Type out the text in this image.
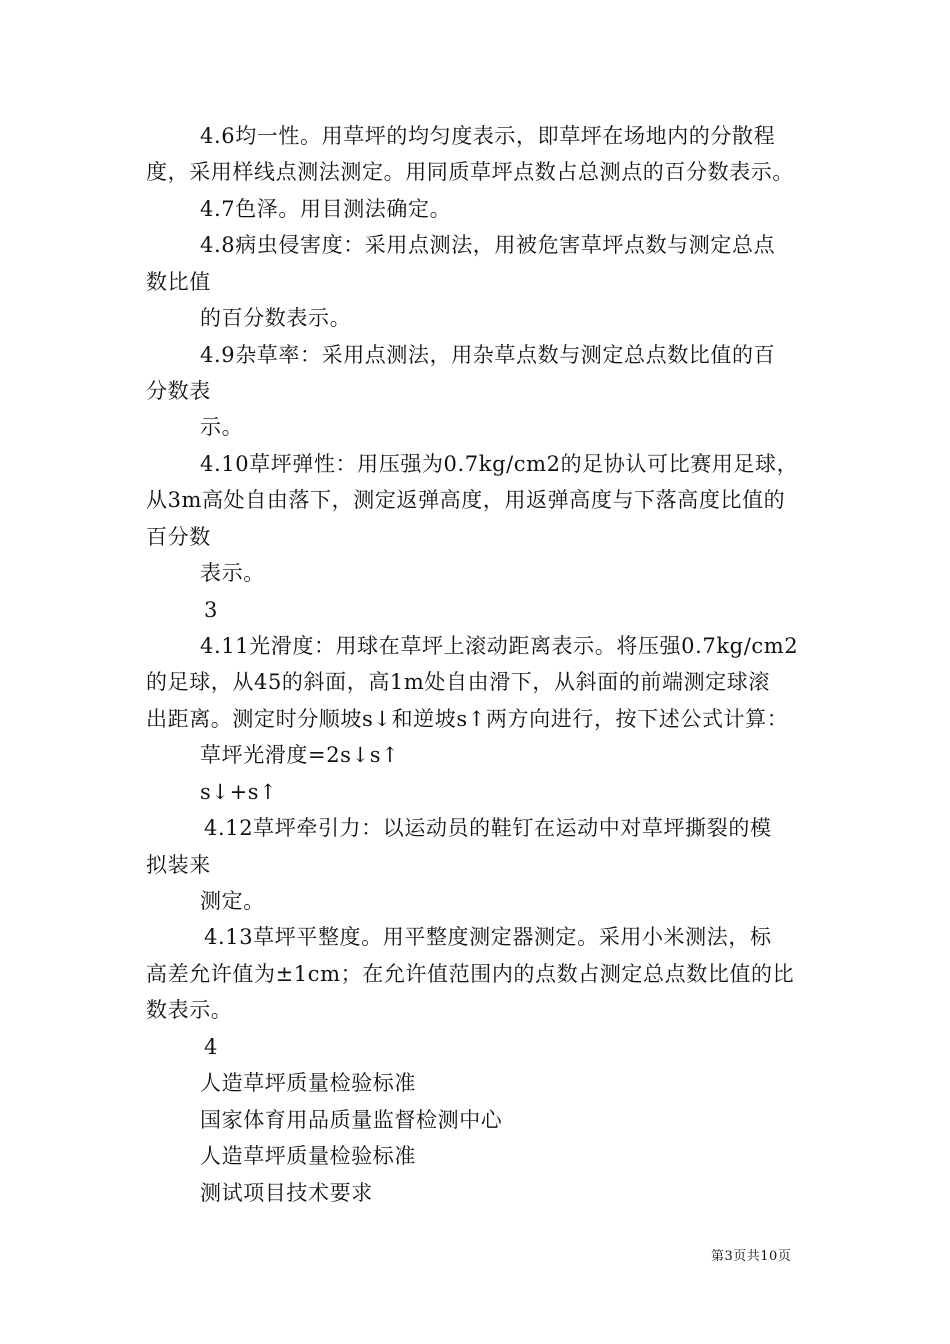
4.6均一性。用草坪的均匀度表示，即草坪在场地内的分散程
度，采用样线点测法测定。用同质草坪点数占总测点的百分数表示。
4.7色泽。用目测法确定。
4.8病虫侵害度：采用点测法，用被危害草坪点数与测定总点
数比值
的百分数表示。
4.9杂草率：采用点测法，用杂草点数与测定总点数比值的百
分数表
示。
4.10草坪弹性：用压强为0.7kg/cm2的足协认可比赛用足球，
从3m高处自由落下，测定返弹高度，用返弹高度与下落高度比值的
百分数
表示。
3
4.11光滑度：用球在草坪上滚动距离表示。将压强0.7kg/cm2
的足球，从45的斜面，高1m处自由滑下，从斜面的前端测定球滚
出距离。测定时分顺坡s↓和逆坡s↑两方向进行，按下述公式计算：
草坪光滑度=2s↓s↑
s↓+s↑
4.12草坪牵引力：以运动员的鞋钉在运动中对草坪撕裂的模
拟装来
测定。
4.13草坪平整度。用平整度测定器测定。采用小米测法，标
高差允许值为±1cm；在允许值范围内的点数占测定总点数比值的比
数表示。
4
人造草坪质量检验标准
国家体育用品质量监督检测中心
人造草坪质量检验标准
测试项目技术要求
第3页共10页
